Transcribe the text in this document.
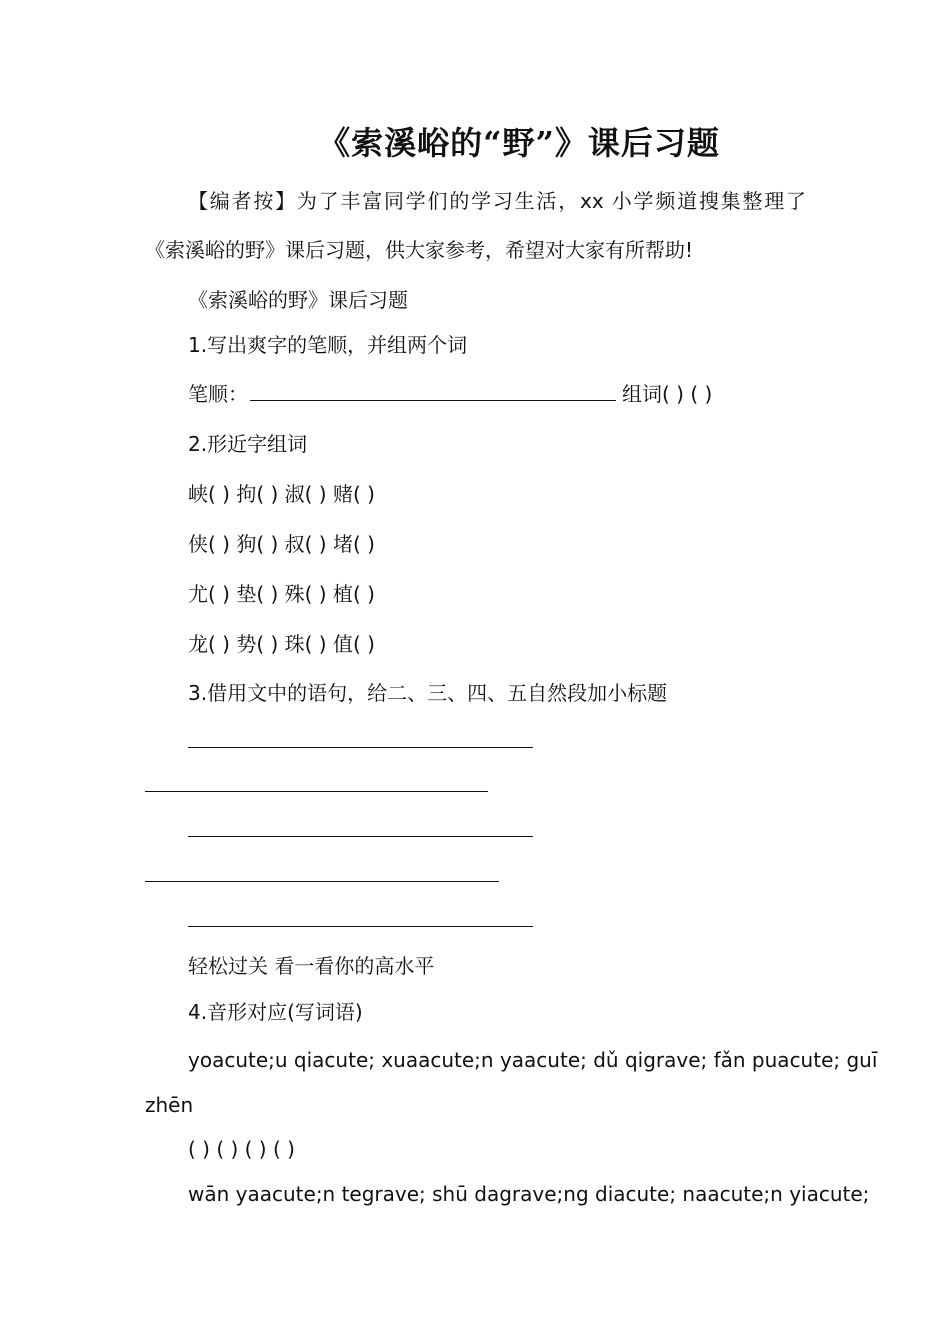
《索溪峪的“野”》课后习题
【编者按】为了丰富同学们的学习生活，xx 小学频道搜集整理了
《索溪峪的野》课后习题，供大家参考，希望对大家有所帮助!
《索溪峪的野》课后习题
1.写出爽字的笔顺，并组两个词
笔顺：	组词( ) ( )
2.形近字组词
峡( ) 拘( ) 淑( ) 赌( )
侠( ) 狗( ) 叔( ) 堵( )
尤( ) 垫( ) 殊( ) 植( )
龙( ) 势( ) 珠( ) 值( )
3.借用文中的语句，给二、三、四、五自然段加小标题
轻松过关 看一看你的高水平
4.音形对应(写词语)
yoacute;u qiacute; xuaacute;n yaacute; dǔ qigrave; fǎn puacute; guī
zhēn
( ) ( ) ( ) ( )
wān yaacute;n tegrave; shū dagrave;ng diacute; naacute;n yiacute;
